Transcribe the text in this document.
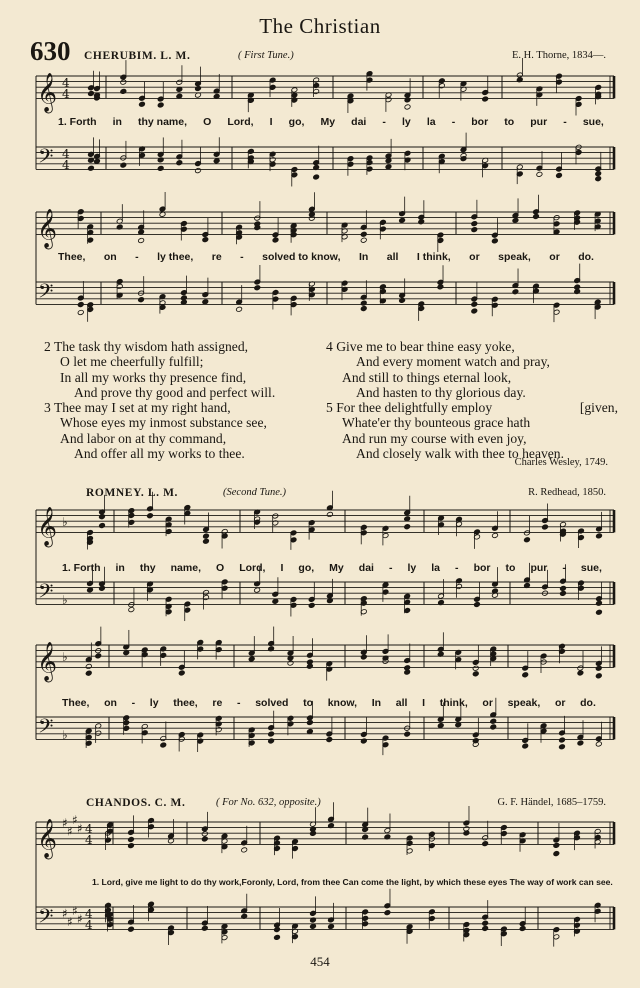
The Christian
630 CHERUBIM. L. M.	( First Tune.)	E. H. Thorne, 1834—.
ROMNEY. L. M.	(Second Tune.)	R. Redhead, 1850.
CHANDOS. C. M.	( For No. 632, opposite.)	G. F. Händel, 1685–1759.
𝄞 4
4
𝄢 4
4
𝄞
𝄢
𝄞 ♭
𝄢 ♭
𝄞 ♭
𝄢 ♭
𝄞 ♯
♯
♯
♯ 4
4
𝄢 ♯
♯
♯
♯ 4
4
1. Forth in thy name, O Lord, I go, My dai - ly la - bor to pur - sue,
Thee, on - ly thee, re - solved to know, In all I think, or speak, or do.
1. Forth in thy name, O Lord, I go, My dai - ly la - bor to pur - sue,
Thee, on - ly thee, re - solved to know, In all I think, or speak, or do.
1. Lord, give me light to do thy work, For only, Lord, from thee Can come the light, by which these eyes The way of work can see.
2 The task thy wisdom hath assigned,
O let me cheerfully fulfill;
In all my works thy presence find,
And prove thy good and perfect will.
3 Thee may I set at my right hand,
Whose eyes my inmost substance see,
And labor on at thy command,
And offer all my works to thee.
4 Give me to bear thine easy yoke,
And every moment watch and pray,
And still to things eternal look,
And hasten to thy glorious day.
5 For thee delightfully employ	[given,
Whate'er thy bounteous grace hath
And run my course with even joy,
And closely walk with thee to heaven.
Charles Wesley, 1749.
454
